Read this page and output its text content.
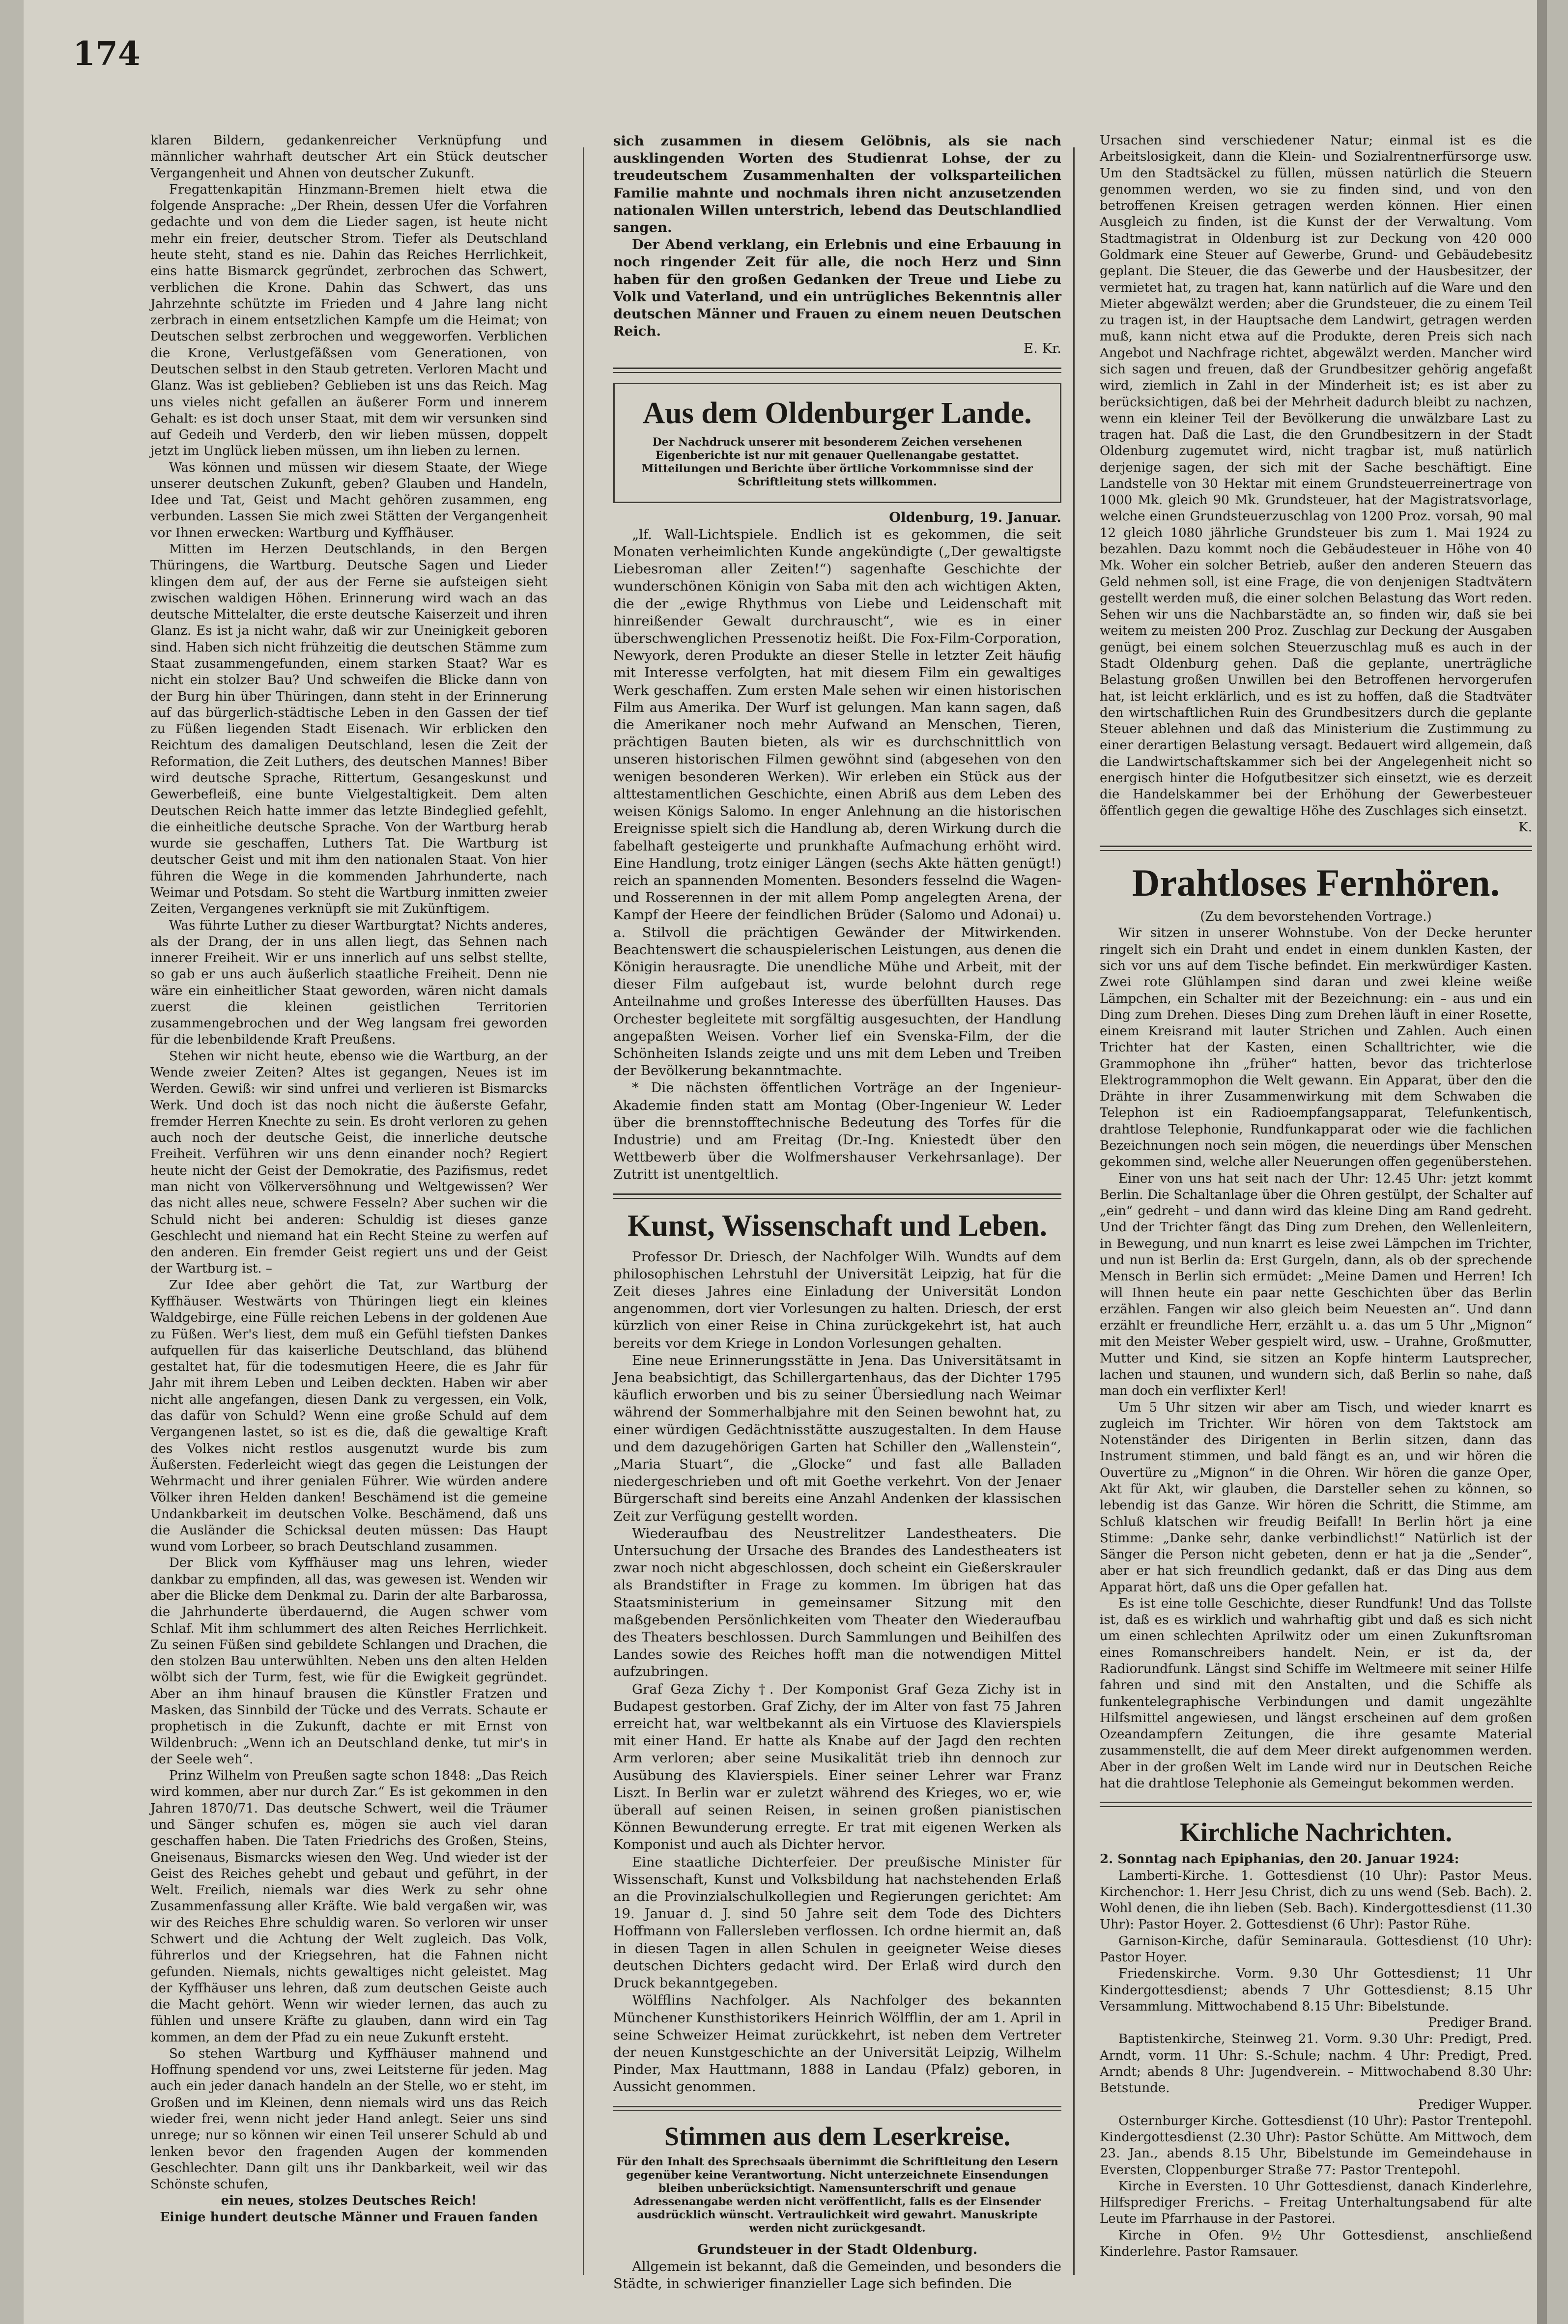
174

klaren Bildern, gedankenreicher Verknüpfung und männlicher wahrhaft deutscher Art ein Stück deutscher Vergangenheit und Ahnen von deutscher Zukunft.

Fregattenkapitän Hinzmann-Bremen hielt etwa die folgende Ansprache: „Der Rhein, dessen Ufer die Vorfahren gedachte und von dem die Lieder sagen, ist heute nicht mehr ein freier, deutscher Strom. Tiefer als Deutschland heute steht, stand es nie. Dahin das Reiches Herrlichkeit, eins hatte Bismarck gegründet, zerbrochen das Schwert, verblichen die Krone. Dahin das Schwert, das uns Jahrzehnte schützte im Frieden und 4 Jahre lang nicht zerbrach in einem entsetzlichen Kampfe um die Heimat; von Deutschen selbst zerbrochen und weggeworfen. Verblichen die Krone, Verlustgefäßsen vom Generationen, von Deutschen selbst in den Staub getreten. Verloren Macht und Glanz. Was ist geblieben? Geblieben ist uns das Reich. Mag uns vieles nicht gefallen an äußerer Form und innerem Gehalt: es ist doch unser Staat, mit dem wir versunken sind auf Gedeih und Verderb, den wir lieben müssen, doppelt jetzt im Unglück lieben müssen, um ihn lieben zu lernen.

Was können und müssen wir diesem Staate, der Wiege unserer deutschen Zukunft, geben? Glauben und Handeln, Idee und Tat, Geist und Macht gehören zusammen, eng verbunden. Lassen Sie mich zwei Stätten der Vergangenheit vor Ihnen erwecken: Wartburg und Kyffhäuser.

Mitten im Herzen Deutschlands, in den Bergen Thüringens, die Wartburg. Deutsche Sagen und Lieder klingen dem auf, der aus der Ferne sie aufsteigen sieht zwischen waldigen Höhen. Erinnerung wird wach an das deutsche Mittelalter, die erste deutsche Kaiserzeit und ihren Glanz. Es ist ja nicht wahr, daß wir zur Uneinigkeit geboren sind. Haben sich nicht frühzeitig die deutschen Stämme zum Staat zusammengefunden, einem starken Staat? War es nicht ein stolzer Bau? Und schweifen die Blicke dann von der Burg hin über Thüringen, dann steht in der Erinnerung auf das bürgerlich-städtische Leben in den Gassen der tief zu Füßen liegenden Stadt Eisenach. Wir erblicken den Reichtum des damaligen Deutschland, lesen die Zeit der Reformation, die Zeit Luthers, des deutschen Mannes! Biber wird deutsche Sprache, Rittertum, Gesangeskunst und Gewerbefleiß, eine bunte Vielgestaltigkeit. Dem alten Deutschen Reich hatte immer das letzte Bindeglied gefehlt, die einheitliche deutsche Sprache. Von der Wartburg herab wurde sie geschaffen, Luthers Tat. Die Wartburg ist deutscher Geist und mit ihm den nationalen Staat. Von hier führen die Wege in die kommenden Jahrhunderte, nach Weimar und Potsdam. So steht die Wartburg inmitten zweier Zeiten, Vergangenes verknüpft sie mit Zukünftigem.

Was führte Luther zu dieser Wartburgtat? Nichts anderes, als der Drang, der in uns allen liegt, das Sehnen nach innerer Freiheit. Wir er uns innerlich auf uns selbst stellte, so gab er uns auch äußerlich staatliche Freiheit. Denn nie wäre ein einheitlicher Staat geworden, wären nicht damals zuerst die kleinen geistlichen Territorien zusammengebrochen und der Weg langsam frei geworden für die lebenbildende Kraft Preußens.

Stehen wir nicht heute, ebenso wie die Wartburg, an der Wende zweier Zeiten? Altes ist gegangen, Neues ist im Werden. Gewiß: wir sind unfrei und verlieren ist Bismarcks Werk. Und doch ist das noch nicht die äußerste Gefahr, fremder Herren Knechte zu sein. Es droht verloren zu gehen auch noch der deutsche Geist, die innerliche deutsche Freiheit. Verführen wir uns denn einander noch? Regiert heute nicht der Geist der Demokratie, des Pazifismus, redet man nicht von Völkerversöhnung und Weltgewissen? Wer das nicht alles neue, schwere Fesseln? Aber suchen wir die Schuld nicht bei anderen: Schuldig ist dieses ganze Geschlecht und niemand hat ein Recht Steine zu werfen auf den anderen. Ein fremder Geist regiert uns und der Geist der Wartburg ist. –

Zur Idee aber gehört die Tat, zur Wartburg der Kyffhäuser. Westwärts von Thüringen liegt ein kleines Waldgebirge, eine Fülle reichen Lebens in der goldenen Aue zu Füßen. Wer's liest, dem muß ein Gefühl tiefsten Dankes aufquellen für das kaiserliche Deutschland, das blühend gestaltet hat, für die todesmutigen Heere, die es Jahr für Jahr mit ihrem Leben und Leiben deckten. Haben wir aber nicht alle angefangen, diesen Dank zu vergessen, ein Volk, das dafür von Schuld? Wenn eine große Schuld auf dem Vergangenen lastet, so ist es die, daß die gewaltige Kraft des Volkes nicht restlos ausgenutzt wurde bis zum Äußersten. Federleicht wiegt das gegen die Leistungen der Wehrmacht und ihrer genialen Führer. Wie würden andere Völker ihren Helden danken! Beschämend ist die gemeine Undankbarkeit im deutschen Volke. Beschämend, daß uns die Ausländer die Schicksal deuten müssen: Das Haupt wund vom Lorbeer, so brach Deutschland zusammen.

Der Blick vom Kyffhäuser mag uns lehren, wieder dankbar zu empfinden, all das, was gewesen ist. Wenden wir aber die Blicke dem Denkmal zu. Darin der alte Barbarossa, die Jahrhunderte überdauernd, die Augen schwer vom Schlaf. Mit ihm schlummert des alten Reiches Herrlichkeit. Zu seinen Füßen sind gebildete Schlangen und Drachen, die den stolzen Bau unterwühlten. Neben uns den alten Helden wölbt sich der Turm, fest, wie für die Ewigkeit gegründet. Aber an ihm hinauf brausen die Künstler Fratzen und Masken, das Sinnbild der Tücke und des Verrats. Schaute er prophetisch in die Zukunft, dachte er mit Ernst von Wildenbruch: „Wenn ich an Deutschland denke, tut mir's in der Seele weh“.

Prinz Wilhelm von Preußen sagte schon 1848: „Das Reich wird kommen, aber nur durch Zar.“ Es ist gekommen in den Jahren 1870/71. Das deutsche Schwert, weil die Träumer und Sänger schufen es, mögen sie auch viel daran geschaffen haben. Die Taten Friedrichs des Großen, Steins, Gneisenaus, Bismarcks wiesen den Weg. Und wieder ist der Geist des Reiches gehebt und gebaut und geführt, in der Welt. Freilich, niemals war dies Werk zu sehr ohne Zusammenfassung aller Kräfte. Wie bald vergaßen wir, was wir des Reiches Ehre schuldig waren. So verloren wir unser Schwert und die Achtung der Welt zugleich. Das Volk, führerlos und der Kriegsehren, hat die Fahnen nicht gefunden. Niemals, nichts gewaltiges nicht geleistet. Mag der Kyffhäuser uns lehren, daß zum deutschen Geiste auch die Macht gehört. Wenn wir wieder lernen, das auch zu fühlen und unsere Kräfte zu glauben, dann wird ein Tag kommen, an dem der Pfad zu ein neue Zukunft ersteht.

So stehen Wartburg und Kyffhäuser mahnend und Hoffnung spendend vor uns, zwei Leitsterne für jeden. Mag auch ein jeder danach handeln an der Stelle, wo er steht, im Großen und im Kleinen, denn niemals wird uns das Reich wieder frei, wenn nicht jeder Hand anlegt. Seier uns sind unrege; nur so können wir einen Teil unserer Schuld ab und lenken bevor den fragenden Augen der kommenden Geschlechter. Dann gilt uns ihr Dankbarkeit, weil wir das Schönste schufen,

ein neues, stolzes Deutsches Reich!

Einige hundert deutsche Männer und Frauen fanden

sich zusammen in diesem Gelöbnis, als sie nach ausklingenden Worten des Studienrat Lohse, der zu treudeutschem Zusammenhalten der volksparteilichen Familie mahnte und nochmals ihren nicht anzusetzenden nationalen Willen unterstrich, lebend das Deutschlandlied sangen.

Der Abend verklang, ein Erlebnis und eine Erbauung in noch ringender Zeit für alle, die noch Herz und Sinn haben für den großen Gedanken der Treue und Liebe zu Volk und Vaterland, und ein untrügliches Bekenntnis aller deutschen Männer und Frauen zu einem neuen Deutschen Reich.

E. Kr.

Aus dem Oldenburger Lande.
Der Nachdruck unserer mit besonderem Zeichen versehenen Eigenberichte ist nur mit genauer Quellenangabe gestattet. Mitteilungen und Berichte über örtliche Vorkommnisse sind der Schriftleitung stets willkommen.

Oldenburg, 19. Januar.

„lf. Wall-Lichtspiele. Endlich ist es gekommen, die seit Monaten verheimlichten Kunde angekündigte („Der gewaltigste Liebesroman aller Zeiten!“) sagenhafte Geschichte der wunderschönen Königin von Saba mit den ach wichtigen Akten, die der „ewige Rhythmus von Liebe und Leidenschaft mit hinreißender Gewalt durchrauscht“, wie es in einer überschwenglichen Pressenotiz heißt. Die Fox-Film-Corporation, Newyork, deren Produkte an dieser Stelle in letzter Zeit häufig mit Interesse verfolgten, hat mit diesem Film ein gewaltiges Werk geschaffen. Zum ersten Male sehen wir einen historischen Film aus Amerika. Der Wurf ist gelungen. Man kann sagen, daß die Amerikaner noch mehr Aufwand an Menschen, Tieren, prächtigen Bauten bieten, als wir es durchschnittlich von unseren historischen Filmen gewöhnt sind (abgesehen von den wenigen besonderen Werken). Wir erleben ein Stück aus der alttestamentlichen Geschichte, einen Abriß aus dem Leben des weisen Königs Salomo. In enger Anlehnung an die historischen Ereignisse spielt sich die Handlung ab, deren Wirkung durch die fabelhaft gesteigerte und prunkhafte Aufmachung erhöht wird. Eine Handlung, trotz einiger Längen (sechs Akte hätten genügt!) reich an spannenden Momenten. Besonders fesselnd die Wagen- und Rosserennen in der mit allem Pomp angelegten Arena, der Kampf der Heere der feindlichen Brüder (Salomo und Adonai) u. a. Stilvoll die prächtigen Gewänder der Mitwirkenden. Beachtenswert die schauspielerischen Leistungen, aus denen die Königin herausragte. Die unendliche Mühe und Arbeit, mit der dieser Film aufgebaut ist, wurde belohnt durch rege Anteilnahme und großes Interesse des überfüllten Hauses. Das Orchester begleitete mit sorgfältig ausgesuchten, der Handlung angepaßten Weisen. Vorher lief ein Svenska-Film, der die Schönheiten Islands zeigte und uns mit dem Leben und Treiben der Bevölkerung bekanntmachte.

* Die nächsten öffentlichen Vorträge an der Ingenieur-Akademie finden statt am Montag (Ober-Ingenieur W. Leder über die brennstofftechnische Bedeutung des Torfes für die Industrie) und am Freitag (Dr.-Ing. Kniestedt über den Wettbewerb über die Wolfmershauser Verkehrsanlage). Der Zutritt ist unentgeltlich.

Kunst, Wissenschaft und Leben.

Professor Dr. Driesch, der Nachfolger Wilh. Wundts auf dem philosophischen Lehrstuhl der Universität Leipzig, hat für die Zeit dieses Jahres eine Einladung der Universität London angenommen, dort vier Vorlesungen zu halten. Driesch, der erst kürzlich von einer Reise in China zurückgekehrt ist, hat auch bereits vor dem Kriege in London Vorlesungen gehalten.

Eine neue Erinnerungsstätte in Jena. Das Universitätsamt in Jena beabsichtigt, das Schillergartenhaus, das der Dichter 1795 käuflich erworben und bis zu seiner Übersiedlung nach Weimar während der Sommerhalbjahre mit den Seinen bewohnt hat, zu einer würdigen Gedächtnisstätte auszugestalten. In dem Hause und dem dazugehörigen Garten hat Schiller den „Wallenstein“, „Maria Stuart“, die „Glocke“ und fast alle Balladen niedergeschrieben und oft mit Goethe verkehrt. Von der Jenaer Bürgerschaft sind bereits eine Anzahl Andenken der klassischen Zeit zur Verfügung gestellt worden.

Wiederaufbau des Neustrelitzer Landestheaters. Die Untersuchung der Ursache des Brandes des Landestheaters ist zwar noch nicht abgeschlossen, doch scheint ein Gießerskrauler als Brandstifter in Frage zu kommen. Im übrigen hat das Staatsministerium in gemeinsamer Sitzung mit den maßgebenden Persönlichkeiten vom Theater den Wiederaufbau des Theaters beschlossen. Durch Sammlungen und Beihilfen des Landes sowie des Reiches hofft man die notwendigen Mittel aufzubringen.

Graf Geza Zichy †. Der Komponist Graf Geza Zichy ist in Budapest gestorben. Graf Zichy, der im Alter von fast 75 Jahren erreicht hat, war weltbekannt als ein Virtuose des Klavierspiels mit einer Hand. Er hatte als Knabe auf der Jagd den rechten Arm verloren; aber seine Musikalität trieb ihn dennoch zur Ausübung des Klavierspiels. Einer seiner Lehrer war Franz Liszt. In Berlin war er zuletzt während des Krieges, wo er, wie überall auf seinen Reisen, in seinen großen pianistischen Können Bewunderung erregte. Er trat mit eigenen Werken als Komponist und auch als Dichter hervor.

Eine staatliche Dichterfeier. Der preußische Minister für Wissenschaft, Kunst und Volksbildung hat nachstehenden Erlaß an die Provinzialschulkollegien und Regierungen gerichtet: Am 19. Januar d. J. sind 50 Jahre seit dem Tode des Dichters Hoffmann von Fallersleben verflossen. Ich ordne hiermit an, daß in diesen Tagen in allen Schulen in geeigneter Weise dieses deutschen Dichters gedacht wird. Der Erlaß wird durch den Druck bekanntgegeben.

Wölfflins Nachfolger. Als Nachfolger des bekannten Münchener Kunsthistorikers Heinrich Wölfflin, der am 1. April in seine Schweizer Heimat zurückkehrt, ist neben dem Vertreter der neuen Kunstgeschichte an der Universität Leipzig, Wilhelm Pinder, Max Hauttmann, 1888 in Landau (Pfalz) geboren, in Aussicht genommen.

Stimmen aus dem Leserkreise.
Für den Inhalt des Sprechsaals übernimmt die Schriftleitung den Lesern gegenüber keine Verantwortung. Nicht unterzeichnete Einsendungen bleiben unberücksichtigt. Namensunterschrift und genaue Adressenangabe werden nicht veröffentlicht, falls es der Einsender ausdrücklich wünscht. Vertraulichkeit wird gewahrt. Manuskripte werden nicht zurückgesandt.

Grundsteuer in der Stadt Oldenburg.

Allgemein ist bekannt, daß die Gemeinden, und besonders die Städte, in schwieriger finanzieller Lage sich befinden. Die

Ursachen sind verschiedener Natur; einmal ist es die Arbeitslosigkeit, dann die Klein- und Sozialrentnerfürsorge usw. Um den Stadtsäckel zu füllen, müssen natürlich die Steuern genommen werden, wo sie zu finden sind, und von den betroffenen Kreisen getragen werden können. Hier einen Ausgleich zu finden, ist die Kunst der der Verwaltung. Vom Stadtmagistrat in Oldenburg ist zur Deckung von 420 000 Goldmark eine Steuer auf Gewerbe, Grund- und Gebäudebesitz geplant. Die Steuer, die das Gewerbe und der Hausbesitzer, der vermietet hat, zu tragen hat, kann natürlich auf die Ware und den Mieter abgewälzt werden; aber die Grundsteuer, die zu einem Teil zu tragen ist, in der Hauptsache dem Landwirt, getragen werden muß, kann nicht etwa auf die Produkte, deren Preis sich nach Angebot und Nachfrage richtet, abgewälzt werden. Mancher wird sich sagen und freuen, daß der Grundbesitzer gehörig angefaßt wird, ziemlich in Zahl in der Minderheit ist; es ist aber zu berücksichtigen, daß bei der Mehrheit dadurch bleibt zu nachzen, wenn ein kleiner Teil der Bevölkerung die unwälzbare Last zu tragen hat. Daß die Last, die den Grundbesitzern in der Stadt Oldenburg zugemutet wird, nicht tragbar ist, muß natürlich derjenige sagen, der sich mit der Sache beschäftigt. Eine Landstelle von 30 Hektar mit einem Grundsteuerreinertrage von 1000 Mk. gleich 90 Mk. Grundsteuer, hat der Magistratsvorlage, welche einen Grundsteuerzuschlag von 1200 Proz. vorsah, 90 mal 12 gleich 1080 jährliche Grundsteuer bis zum 1. Mai 1924 zu bezahlen. Dazu kommt noch die Gebäudesteuer in Höhe von 40 Mk. Woher ein solcher Betrieb, außer den anderen Steuern das Geld nehmen soll, ist eine Frage, die von denjenigen Stadtvätern gestellt werden muß, die einer solchen Belastung das Wort reden. Sehen wir uns die Nachbarstädte an, so finden wir, daß sie bei weitem zu meisten 200 Proz. Zuschlag zur Deckung der Ausgaben genügt, bei einem solchen Steuerzuschlag muß es auch in der Stadt Oldenburg gehen. Daß die geplante, unerträgliche Belastung großen Unwillen bei den Betroffenen hervorgerufen hat, ist leicht erklärlich, und es ist zu hoffen, daß die Stadtväter den wirtschaftlichen Ruin des Grundbesitzers durch die geplante Steuer ablehnen und daß das Ministerium die Zustimmung zu einer derartigen Belastung versagt. Bedauert wird allgemein, daß die Landwirtschaftskammer sich bei der Angelegenheit nicht so energisch hinter die Hofgutbesitzer sich einsetzt, wie es derzeit die Handelskammer bei der Erhöhung der Gewerbesteuer öffentlich gegen die gewaltige Höhe des Zuschlages sich einsetzt.

K.

Drahtloses Fernhören.

(Zu dem bevorstehenden Vortrage.)

Wir sitzen in unserer Wohnstube. Von der Decke herunter ringelt sich ein Draht und endet in einem dunklen Kasten, der sich vor uns auf dem Tische befindet. Ein merkwürdiger Kasten. Zwei rote Glühlampen sind daran und zwei kleine weiße Lämpchen, ein Schalter mit der Bezeichnung: ein – aus und ein Ding zum Drehen. Dieses Ding zum Drehen läuft in einer Rosette, einem Kreisrand mit lauter Strichen und Zahlen. Auch einen Trichter hat der Kasten, einen Schalltrichter, wie die Grammophone ihn „früher“ hatten, bevor das trichterlose Elektrogrammophon die Welt gewann. Ein Apparat, über den die Drähte in ihrer Zusammenwirkung mit dem Schwaben die Telephon ist ein Radioempfangsapparat, Telefunkentisch, drahtlose Telephonie, Rundfunkapparat oder wie die fachlichen Bezeichnungen noch sein mögen, die neuerdings über Menschen gekommen sind, welche aller Neuerungen offen gegenüberstehen.

Einer von uns hat seit nach der Uhr: 12.45 Uhr: jetzt kommt Berlin. Die Schaltanlage über die Ohren gestülpt, der Schalter auf „ein“ gedreht – und dann wird das kleine Ding am Rand gedreht. Und der Trichter fängt das Ding zum Drehen, den Wellenleitern, in Bewegung, und nun knarrt es leise zwei Lämpchen im Trichter, und nun ist Berlin da: Erst Gurgeln, dann, als ob der sprechende Mensch in Berlin sich ermüdet: „Meine Damen und Herren! Ich will Ihnen heute ein paar nette Geschichten über das Berlin erzählen. Fangen wir also gleich beim Neuesten an“. Und dann erzählt er freundliche Herr, erzählt u. a. das um 5 Uhr „Mignon“ mit den Meister Weber gespielt wird, usw. – Urahne, Großmutter, Mutter und Kind, sie sitzen an Kopfe hinterm Lautsprecher, lachen und staunen, und wundern sich, daß Berlin so nahe, daß man doch ein verflixter Kerl!

Um 5 Uhr sitzen wir aber am Tisch, und wieder knarrt es zugleich im Trichter. Wir hören von dem Taktstock am Notenständer des Dirigenten in Berlin sitzen, dann das Instrument stimmen, und bald fängt es an, und wir hören die Ouvertüre zu „Mignon“ in die Ohren. Wir hören die ganze Oper, Akt für Akt, wir glauben, die Darsteller sehen zu können, so lebendig ist das Ganze. Wir hören die Schritt, die Stimme, am Schluß klatschen wir freudig Beifall! In Berlin hört ja eine Stimme: „Danke sehr, danke verbindlichst!“ Natürlich ist der Sänger die Person nicht gebeten, denn er hat ja die „Sender“, aber er hat sich freundlich gedankt, daß er das Ding aus dem Apparat hört, daß uns die Oper gefallen hat.

Es ist eine tolle Geschichte, dieser Rundfunk! Und das Tollste ist, daß es es wirklich und wahrhaftig gibt und daß es sich nicht um einen schlechten Aprilwitz oder um einen Zukunftsroman eines Romanschreibers handelt. Nein, er ist da, der Radiorundfunk. Längst sind Schiffe im Weltmeere mit seiner Hilfe fahren und sind mit den Anstalten, und die Schiffe als funkentelegraphische Verbindungen und damit ungezählte Hilfsmittel angewiesen, und längst erscheinen auf dem großen Ozeandampfern Zeitungen, die ihre gesamte Material zusammenstellt, die auf dem Meer direkt aufgenommen werden. Aber in der großen Welt im Lande wird nur in Deutschen Reiche hat die drahtlose Telephonie als Gemeingut bekommen werden.

Kirchliche Nachrichten.

2. Sonntag nach Epiphanias, den 20. Januar 1924:

Lamberti-Kirche. 1. Gottesdienst (10 Uhr): Pastor Meus. Kirchenchor: 1. Herr Jesu Christ, dich zu uns wend (Seb. Bach). 2. Wohl denen, die ihn lieben (Seb. Bach). Kindergottesdienst (11.30 Uhr): Pastor Hoyer. 2. Gottesdienst (6 Uhr): Pastor Rühe.

Garnison-Kirche, dafür Seminaraula. Gottesdienst (10 Uhr): Pastor Hoyer.

Friedenskirche. Vorm. 9.30 Uhr Gottesdienst; 11 Uhr Kindergottesdienst; abends 7 Uhr Gottesdienst; 8.15 Uhr Versammlung. Mittwochabend 8.15 Uhr: Bibelstunde.

Prediger Brand.

Baptistenkirche, Steinweg 21. Vorm. 9.30 Uhr: Predigt, Pred. Arndt, vorm. 11 Uhr: S.-Schule; nachm. 4 Uhr: Predigt, Pred. Arndt; abends 8 Uhr: Jugendverein. – Mittwochabend 8.30 Uhr: Betstunde.

Prediger Wupper.

Osternburger Kirche. Gottesdienst (10 Uhr): Pastor Trentepohl. Kindergottesdienst (2.30 Uhr): Pastor Schütte. Am Mittwoch, dem 23. Jan., abends 8.15 Uhr, Bibelstunde im Gemeindehause in Eversten, Cloppenburger Straße 77: Pastor Trentepohl.

Kirche in Eversten. 10 Uhr Gottesdienst, danach Kinderlehre, Hilfsprediger Frerichs. – Freitag Unterhaltungsabend für alte Leute im Pfarrhause in der Pastorei.

Kirche in Ofen. 9½ Uhr Gottesdienst, anschließend Kinderlehre. Pastor Ramsauer.
